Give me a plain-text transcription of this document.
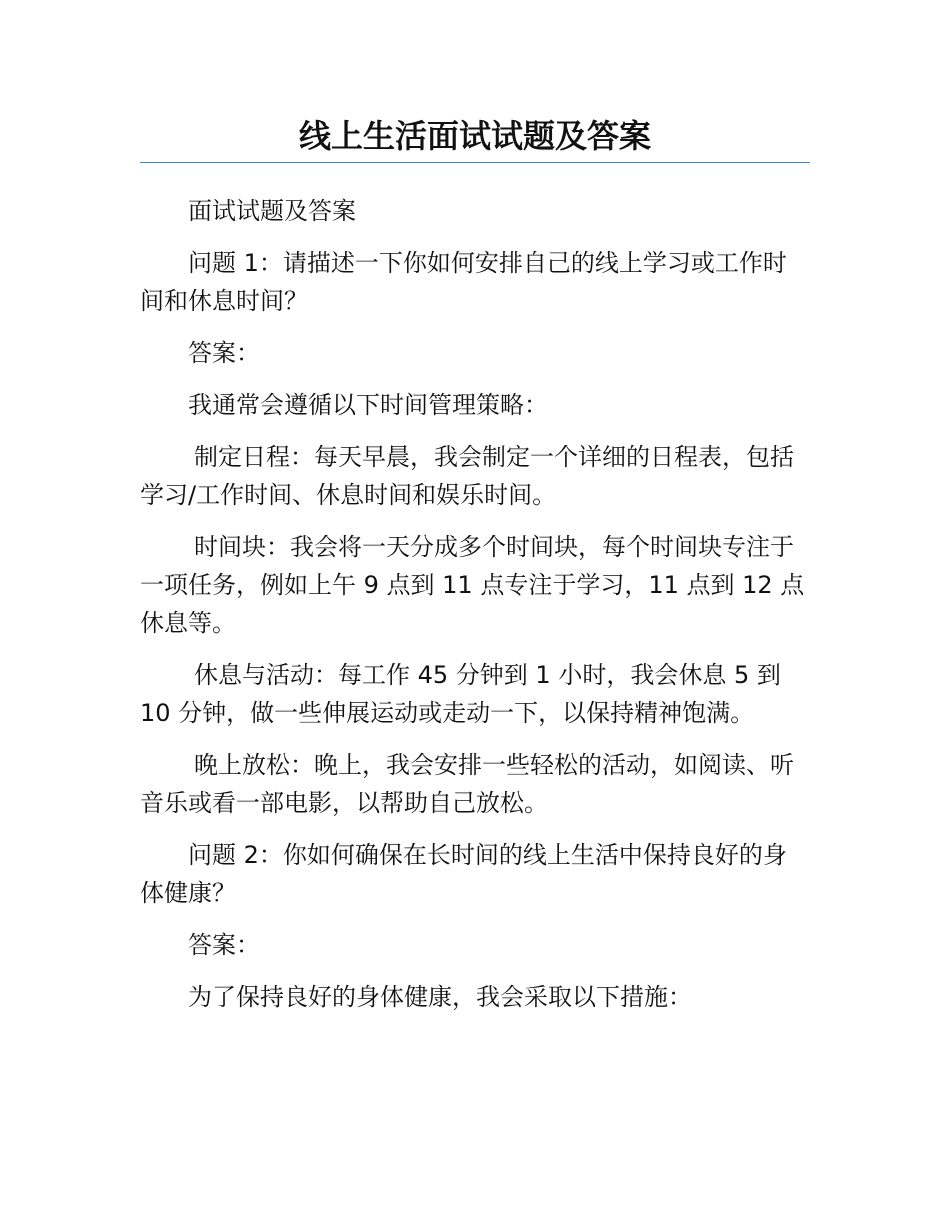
线上生活面试试题及答案

面试试题及答案

问题 1：请描述一下你如何安排自己的线上学习或工作时间和休息时间？

答案：

我通常会遵循以下时间管理策略：

制定日程：每天早晨，我会制定一个详细的日程表，包括学习/工作时间、休息时间和娱乐时间。

时间块：我会将一天分成多个时间块，每个时间块专注于一项任务，例如上午 9 点到 11 点专注于学习，11 点到 12 点休息等。

休息与活动：每工作 45 分钟到 1 小时，我会休息 5 到 10 分钟，做一些伸展运动或走动一下，以保持精神饱满。

晚上放松：晚上，我会安排一些轻松的活动，如阅读、听音乐或看一部电影，以帮助自己放松。

问题 2：你如何确保在长时间的线上生活中保持良好的身体健康？

答案：

为了保持良好的身体健康，我会采取以下措施：
